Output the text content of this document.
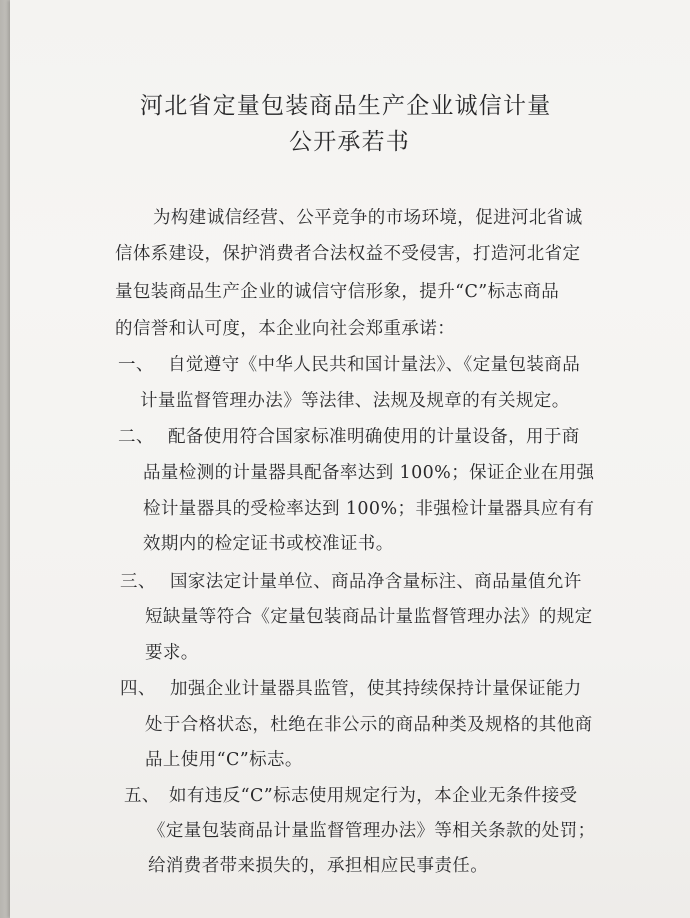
河北省定量包装商品生产企业诚信计量

公开承若书

为构建诚信经营、公平竞争的市场环境，促进河北省诚

信体系建设，保护消费者合法权益不受侵害，打造河北省定

量包装商品生产企业的诚信守信形象，提升“C”标志商品

的信誉和认可度，本企业向社会郑重承诺：

一、 自觉遵守《中华人民共和国计量法》、《定量包装商品

计量监督管理办法》等法律、法规及规章的有关规定。

二、 配备使用符合国家标准明确使用的计量设备，用于商

品量检测的计量器具配备率达到 100%；保证企业在用强

检计量器具的受检率达到 100%；非强检计量器具应有有

效期内的检定证书或校准证书。

三、 国家法定计量单位、商品净含量标注、商品量值允许

短缺量等符合《定量包装商品计量监督管理办法》的规定

要求。

四、 加强企业计量器具监管，使其持续保持计量保证能力

处于合格状态，杜绝在非公示的商品种类及规格的其他商

品上使用“C”标志。

五、 如有违反“C”标志使用规定行为，本企业无条件接受

《定量包装商品计量监督管理办法》等相关条款的处罚；

给消费者带来损失的，承担相应民事责任。
